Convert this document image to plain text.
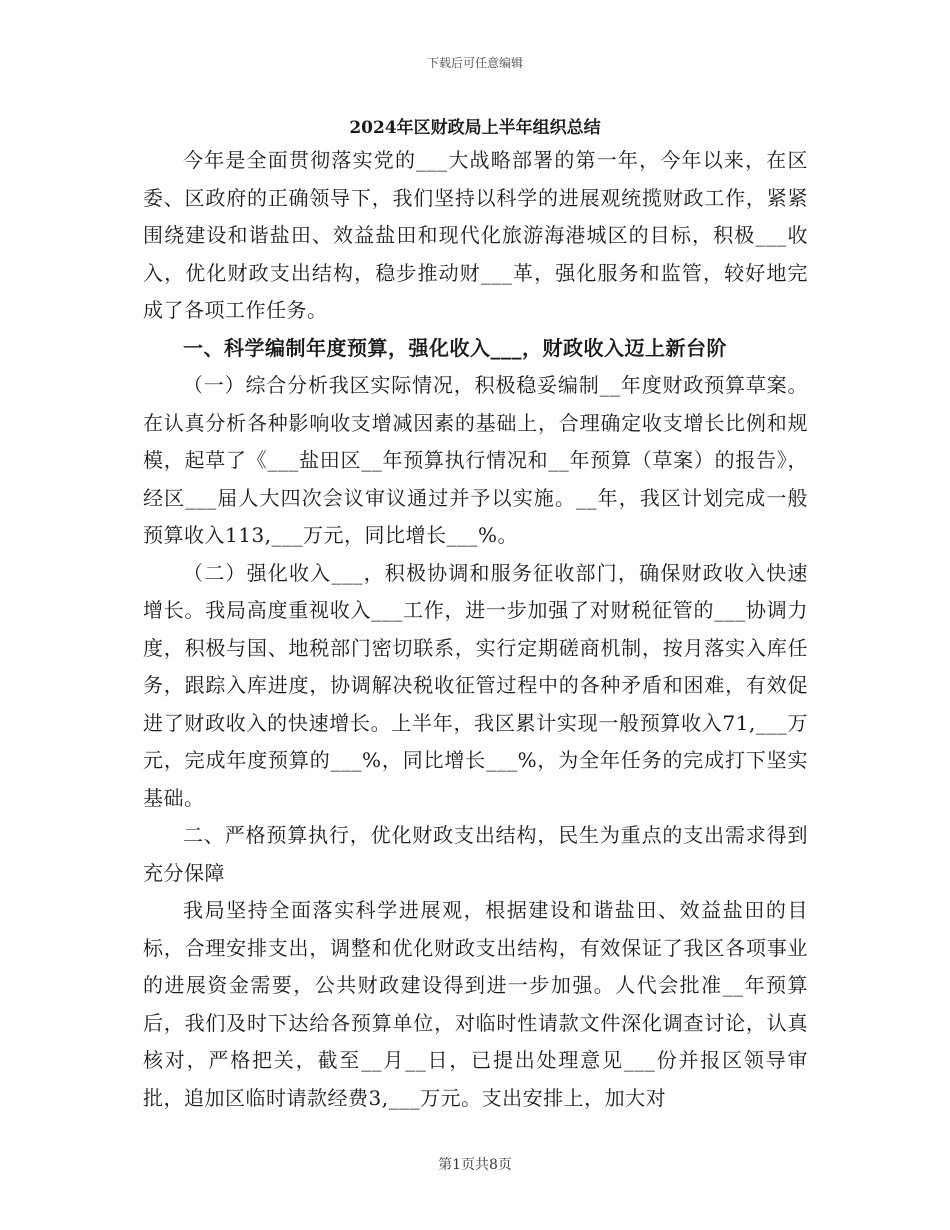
下载后可任意编辑
2024年区财政局上半年组织总结

今年是全面贯彻落实党的___大战略部署的第一年，今年以来，在区委、区政府的正确领导下，我们坚持以科学的进展观统揽财政工作，紧紧围绕建设和谐盐田、效益盐田和现代化旅游海港城区的目标，积极___收入，优化财政支出结构，稳步推动财___革，强化服务和监管，较好地完成了各项工作任务。

一、科学编制年度预算，强化收入___，财政收入迈上新台阶

（一）综合分析我区实际情况，积极稳妥编制__年度财政预算草案。在认真分析各种影响收支增减因素的基础上，合理确定收支增长比例和规模，起草了《___盐田区__年预算执行情况和__年预算（草案）的报告》，经区___届人大四次会议审议通过并予以实施。__年，我区计划完成一般预算收入113,___万元，同比增长___%。

（二）强化收入___，积极协调和服务征收部门，确保财政收入快速增长。我局高度重视收入___工作，进一步加强了对财税征管的___协调力度，积极与国、地税部门密切联系，实行定期磋商机制，按月落实入库任务，跟踪入库进度，协调解决税收征管过程中的各种矛盾和困难，有效促进了财政收入的快速增长。上半年，我区累计实现一般预算收入71,___万元，完成年度预算的___%，同比增长___%，为全年任务的完成打下坚实基础。

二、严格预算执行，优化财政支出结构，民生为重点的支出需求得到充分保障

我局坚持全面落实科学进展观，根据建设和谐盐田、效益盐田的目标，合理安排支出，调整和优化财政支出结构，有效保证了我区各项事业的进展资金需要，公共财政建设得到进一步加强。人代会批准__年预算后，我们及时下达给各预算单位，对临时性请款文件深化调查讨论，认真核对，严格把关，截至__月__日，已提出处理意见___份并报区领导审批，追加区临时请款经费3,___万元。支出安排上，加大对

第1页共8页
